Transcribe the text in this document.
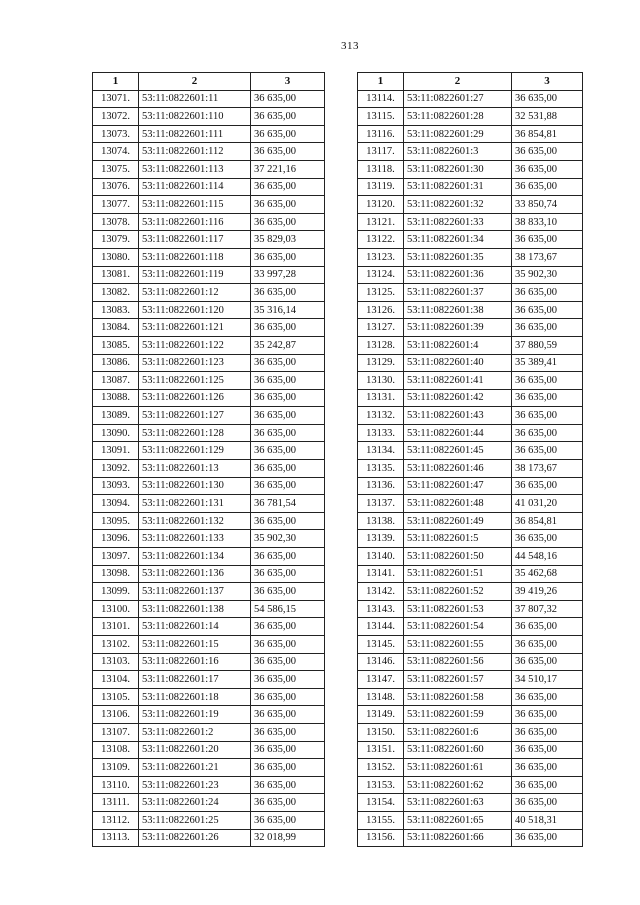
313
1	2	3
13071.	53:11:0822601:11	36 635,00
13072.	53:11:0822601:110	36 635,00
13073.	53:11:0822601:111	36 635,00
13074.	53:11:0822601:112	36 635,00
13075.	53:11:0822601:113	37 221,16
13076.	53:11:0822601:114	36 635,00
13077.	53:11:0822601:115	36 635,00
13078.	53:11:0822601:116	36 635,00
13079.	53:11:0822601:117	35 829,03
13080.	53:11:0822601:118	36 635,00
13081.	53:11:0822601:119	33 997,28
13082.	53:11:0822601:12	36 635,00
13083.	53:11:0822601:120	35 316,14
13084.	53:11:0822601:121	36 635,00
13085.	53:11:0822601:122	35 242,87
13086.	53:11:0822601:123	36 635,00
13087.	53:11:0822601:125	36 635,00
13088.	53:11:0822601:126	36 635,00
13089.	53:11:0822601:127	36 635,00
13090.	53:11:0822601:128	36 635,00
13091.	53:11:0822601:129	36 635,00
13092.	53:11:0822601:13	36 635,00
13093.	53:11:0822601:130	36 635,00
13094.	53:11:0822601:131	36 781,54
13095.	53:11:0822601:132	36 635,00
13096.	53:11:0822601:133	35 902,30
13097.	53:11:0822601:134	36 635,00
13098.	53:11:0822601:136	36 635,00
13099.	53:11:0822601:137	36 635,00
13100.	53:11:0822601:138	54 586,15
13101.	53:11:0822601:14	36 635,00
13102.	53:11:0822601:15	36 635,00
13103.	53:11:0822601:16	36 635,00
13104.	53:11:0822601:17	36 635,00
13105.	53:11:0822601:18	36 635,00
13106.	53:11:0822601:19	36 635,00
13107.	53:11:0822601:2	36 635,00
13108.	53:11:0822601:20	36 635,00
13109.	53:11:0822601:21	36 635,00
13110.	53:11:0822601:23	36 635,00
13111.	53:11:0822601:24	36 635,00
13112.	53:11:0822601:25	36 635,00
13113.	53:11:0822601:26	32 018,99
1	2	3
13114.	53:11:0822601:27	36 635,00
13115.	53:11:0822601:28	32 531,88
13116.	53:11:0822601:29	36 854,81
13117.	53:11:0822601:3	36 635,00
13118.	53:11:0822601:30	36 635,00
13119.	53:11:0822601:31	36 635,00
13120.	53:11:0822601:32	33 850,74
13121.	53:11:0822601:33	38 833,10
13122.	53:11:0822601:34	36 635,00
13123.	53:11:0822601:35	38 173,67
13124.	53:11:0822601:36	35 902,30
13125.	53:11:0822601:37	36 635,00
13126.	53:11:0822601:38	36 635,00
13127.	53:11:0822601:39	36 635,00
13128.	53:11:0822601:4	37 880,59
13129.	53:11:0822601:40	35 389,41
13130.	53:11:0822601:41	36 635,00
13131.	53:11:0822601:42	36 635,00
13132.	53:11:0822601:43	36 635,00
13133.	53:11:0822601:44	36 635,00
13134.	53:11:0822601:45	36 635,00
13135.	53:11:0822601:46	38 173,67
13136.	53:11:0822601:47	36 635,00
13137.	53:11:0822601:48	41 031,20
13138.	53:11:0822601:49	36 854,81
13139.	53:11:0822601:5	36 635,00
13140.	53:11:0822601:50	44 548,16
13141.	53:11:0822601:51	35 462,68
13142.	53:11:0822601:52	39 419,26
13143.	53:11:0822601:53	37 807,32
13144.	53:11:0822601:54	36 635,00
13145.	53:11:0822601:55	36 635,00
13146.	53:11:0822601:56	36 635,00
13147.	53:11:0822601:57	34 510,17
13148.	53:11:0822601:58	36 635,00
13149.	53:11:0822601:59	36 635,00
13150.	53:11:0822601:6	36 635,00
13151.	53:11:0822601:60	36 635,00
13152.	53:11:0822601:61	36 635,00
13153.	53:11:0822601:62	36 635,00
13154.	53:11:0822601:63	36 635,00
13155.	53:11:0822601:65	40 518,31
13156.	53:11:0822601:66	36 635,00
